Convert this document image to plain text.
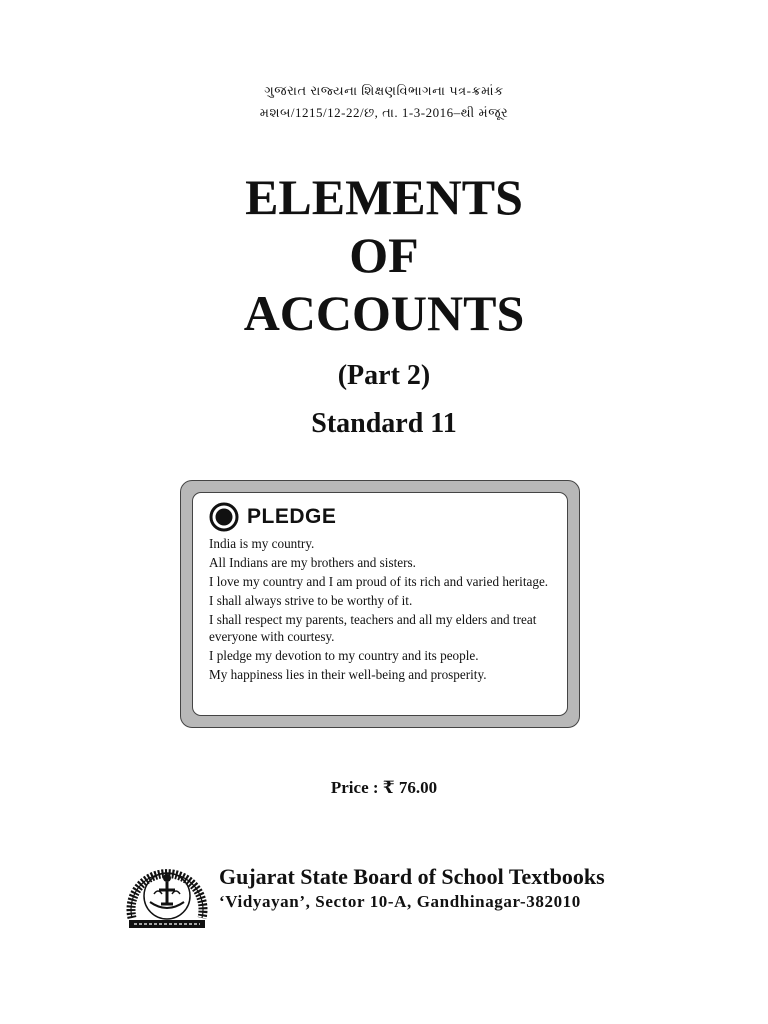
ગુજરાત રાજ્યના શિક્ષણવિભાગના પત્ર-ક્રમાંક
મશબ/1215/12-22/છ, તા. 1-3-2016–થી મંજૂર
ELEMENTS
OF
ACCOUNTS
(Part 2)
Standard 11
PLEDGE
India is my country.
All Indians are my brothers and sisters.
I love my country and I am proud of its rich and varied heritage.
I shall always strive to be worthy of it.
I shall respect my parents, teachers and all my elders and treat everyone with courtesy.
I pledge my devotion to my country and its people.
My happiness lies in their well-being and prosperity.
Price : ₹ 76.00
Gujarat State Board of School Textbooks
‘Vidyayan’, Sector 10-A, Gandhinagar-382010
